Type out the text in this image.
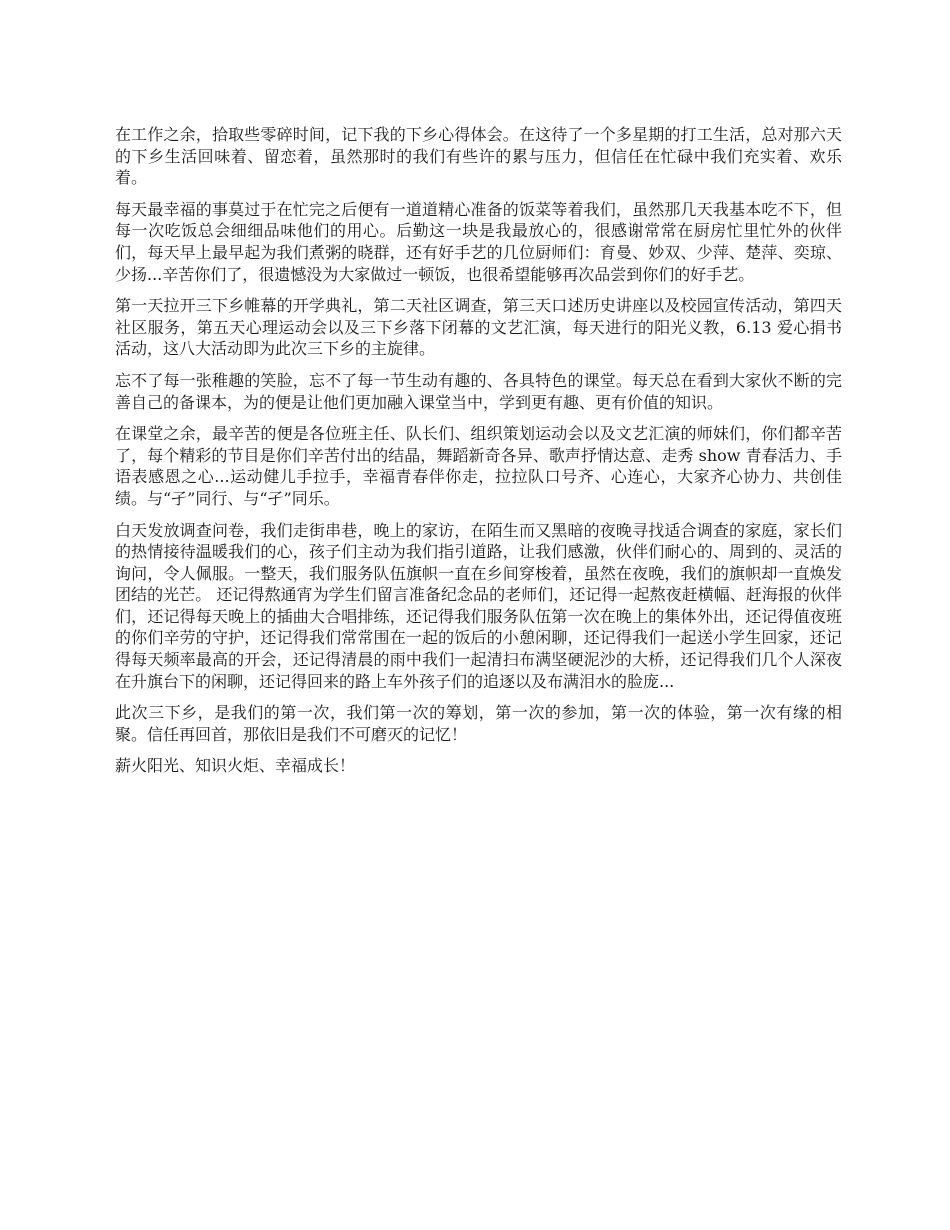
在工作之余，拾取些零碎时间，记下我的下乡心得体会。在这待了一个多星期的打工生活，总对那六天的下乡生活回味着、留恋着，虽然那时的我们有些许的累与压力，但信任在忙碌中我们充实着、欢乐着。

每天最幸福的事莫过于在忙完之后便有一道道精心准备的饭菜等着我们，虽然那几天我基本吃不下，但每一次吃饭总会细细品味他们的用心。后勤这一块是我最放心的，很感谢常常在厨房忙里忙外的伙伴们，每天早上最早起为我们煮粥的晓群，还有好手艺的几位厨师们：育曼、妙双、少萍、楚萍、奕琼、少扬...辛苦你们了，很遗憾没为大家做过一顿饭，也很希望能够再次品尝到你们的好手艺。

第一天拉开三下乡帷幕的开学典礼，第二天社区调查，第三天口述历史讲座以及校园宣传活动，第四天社区服务，第五天心理运动会以及三下乡落下闭幕的文艺汇演，每天进行的阳光义教，6.13 爱心捐书活动，这八大活动即为此次三下乡的主旋律。

忘不了每一张稚趣的笑脸，忘不了每一节生动有趣的、各具特色的课堂。每天总在看到大家伙不断的完善自己的备课本，为的便是让他们更加融入课堂当中，学到更有趣、更有价值的知识。

在课堂之余，最辛苦的便是各位班主任、队长们、组织策划运动会以及文艺汇演的师妹们，你们都辛苦了，每个精彩的节目是你们辛苦付出的结晶，舞蹈新奇各异、歌声抒情达意、走秀 show 青春活力、手语表感恩之心...运动健儿手拉手，幸福青春伴你走，拉拉队口号齐、心连心，大家齐心协力、共创佳绩。与“孑”同行、与“孑”同乐。

白天发放调查问卷，我们走街串巷，晚上的家访，在陌生而又黑暗的夜晚寻找适合调查的家庭，家长们的热情接待温暖我们的心，孩子们主动为我们指引道路，让我们感激，伙伴们耐心的、周到的、灵活的询问，令人佩服。一整天，我们服务队伍旗帜一直在乡间穿梭着，虽然在夜晚，我们的旗帜却一直焕发团结的光芒。 还记得熬通宵为学生们留言准备纪念品的老师们，还记得一起熬夜赶横幅、赶海报的伙伴们，还记得每天晚上的插曲大合唱排练，还记得我们服务队伍第一次在晚上的集体外出，还记得值夜班的你们辛劳的守护，还记得我们常常围在一起的饭后的小憩闲聊，还记得我们一起送小学生回家，还记得每天频率最高的开会，还记得清晨的雨中我们一起清扫布满坚硬泥沙的大桥，还记得我们几个人深夜在升旗台下的闲聊，还记得回来的路上车外孩子们的追逐以及布满泪水的脸庞...

此次三下乡，是我们的第一次，我们第一次的筹划，第一次的参加，第一次的体验，第一次有缘的相聚。信任再回首，那依旧是我们不可磨灭的记忆！

薪火阳光、知识火炬、幸福成长！
